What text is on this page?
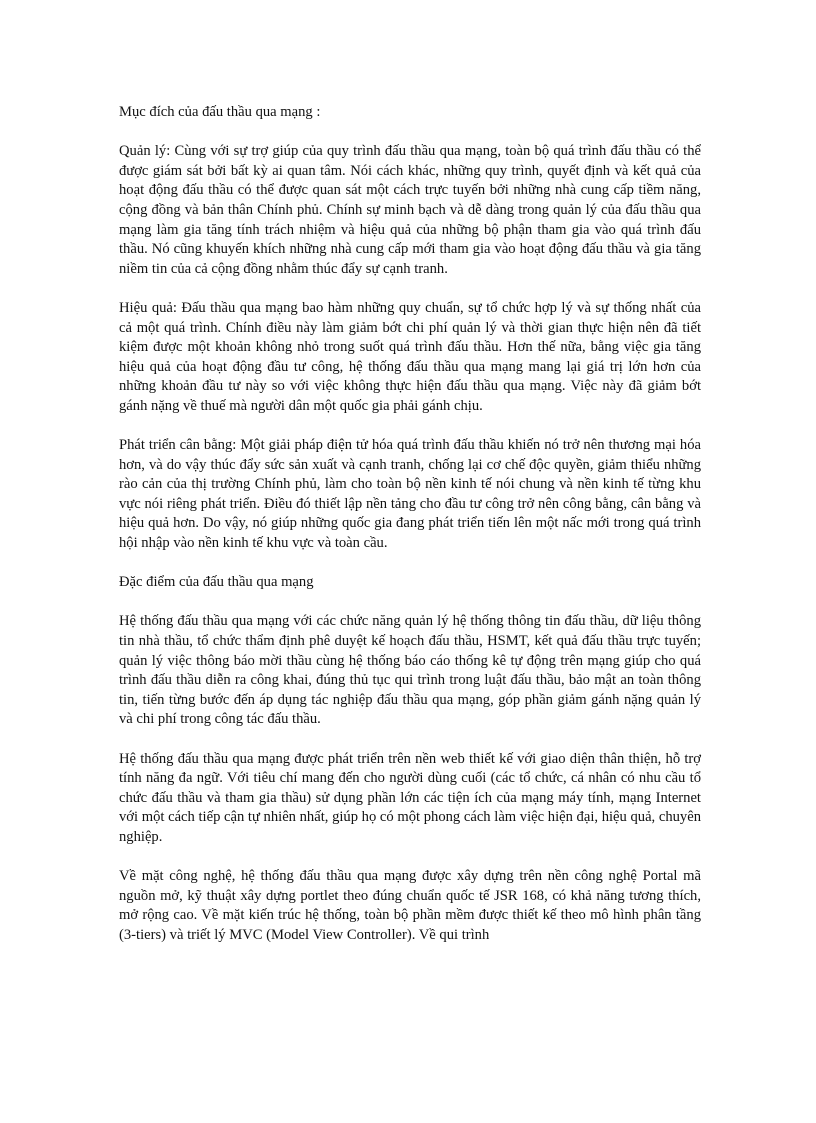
Mục đích của đấu thầu qua mạng :

Quản lý: Cùng với sự trợ giúp của quy trình đấu thầu qua mạng, toàn bộ quá trình đấu thầu có thể được giám sát bởi bất kỳ ai quan tâm. Nói cách khác, những quy trình, quyết định và kết quả của hoạt động đấu thầu có thể được quan sát một cách trực tuyến bởi những nhà cung cấp tiềm năng, cộng đồng và bản thân Chính phủ. Chính sự minh bạch và dễ dàng trong quản lý của đấu thầu qua mạng làm gia tăng tính trách nhiệm và hiệu quả của những bộ phận tham gia vào quá trình đấu thầu. Nó cũng khuyến khích những nhà cung cấp mới tham gia vào hoạt động đấu thầu và gia tăng niềm tin của cả cộng đồng nhằm thúc đẩy sự cạnh tranh.

Hiệu quả: Đấu thầu qua mạng bao hàm những quy chuẩn, sự tổ chức hợp lý và sự thống nhất của cả một quá trình. Chính điều này làm giảm bớt chi phí quản lý và thời gian thực hiện nên đã tiết kiệm được một khoản không nhỏ trong suốt quá trình đấu thầu. Hơn thế nữa, bằng việc gia tăng hiệu quả của hoạt động đầu tư công, hệ thống đấu thầu qua mạng mang lại giá trị lớn hơn của những khoản đầu tư này so với việc không thực hiện đấu thầu qua mạng. Việc này đã giảm bớt gánh nặng về thuế mà người dân một quốc gia phải gánh chịu.

Phát triển cân bằng: Một giải pháp điện tử hóa quá trình đấu thầu khiến nó trở nên thương mại hóa hơn, và do vậy thúc đẩy sức sản xuất và cạnh tranh, chống lại cơ chế độc quyền, giảm thiểu những rào cản của thị trường Chính phủ, làm cho toàn bộ nền kinh tế nói chung và nền kinh tế từng khu vực nói riêng phát triển. Điều đó thiết lập nền tảng cho đầu tư công trở nên công bằng, cân bằng và hiệu quả hơn. Do vậy, nó giúp những quốc gia đang phát triển tiến lên một nấc mới trong quá trình hội nhập vào nền kinh tế khu vực và toàn cầu.

Đặc điểm của đấu thầu qua mạng

Hệ thống đấu thầu qua mạng với các chức năng quản lý hệ thống thông tin đấu thầu, dữ liệu thông tin nhà thầu, tổ chức thẩm định phê duyệt kế hoạch đấu thầu, HSMT, kết quả đấu thầu trực tuyến; quản lý việc thông báo mời thầu cùng hệ thống báo cáo thống kê tự động trên mạng giúp cho quá trình đấu thầu diễn ra công khai, đúng thủ tục qui trình trong luật đấu thầu, bảo mật an toàn thông tin, tiến từng bước đến áp dụng tác nghiệp đấu thầu qua mạng, góp phần giảm gánh nặng quản lý và chi phí trong công tác đấu thầu.

Hệ thống đấu thầu qua mạng được phát triển trên nền web thiết kế với giao diện thân thiện, hỗ trợ tính năng đa ngữ. Với tiêu chí mang đến cho người dùng cuối (các tổ chức, cá nhân có nhu cầu tổ chức đấu thầu và tham gia thầu) sử dụng phần lớn các tiện ích của mạng máy tính, mạng Internet với một cách tiếp cận tự nhiên nhất, giúp họ có một phong cách làm việc hiện đại, hiệu quả, chuyên nghiệp.

Về mặt công nghệ, hệ thống đấu thầu qua mạng được xây dựng trên nền công nghệ Portal mã nguồn mở, kỹ thuật xây dựng portlet theo đúng chuẩn quốc tế JSR 168, có khả năng tương thích, mở rộng cao. Về mặt kiến trúc hệ thống, toàn bộ phần mềm được thiết kế theo mô hình phân tầng (3-tiers) và triết lý MVC (Model View Controller). Về qui trình
